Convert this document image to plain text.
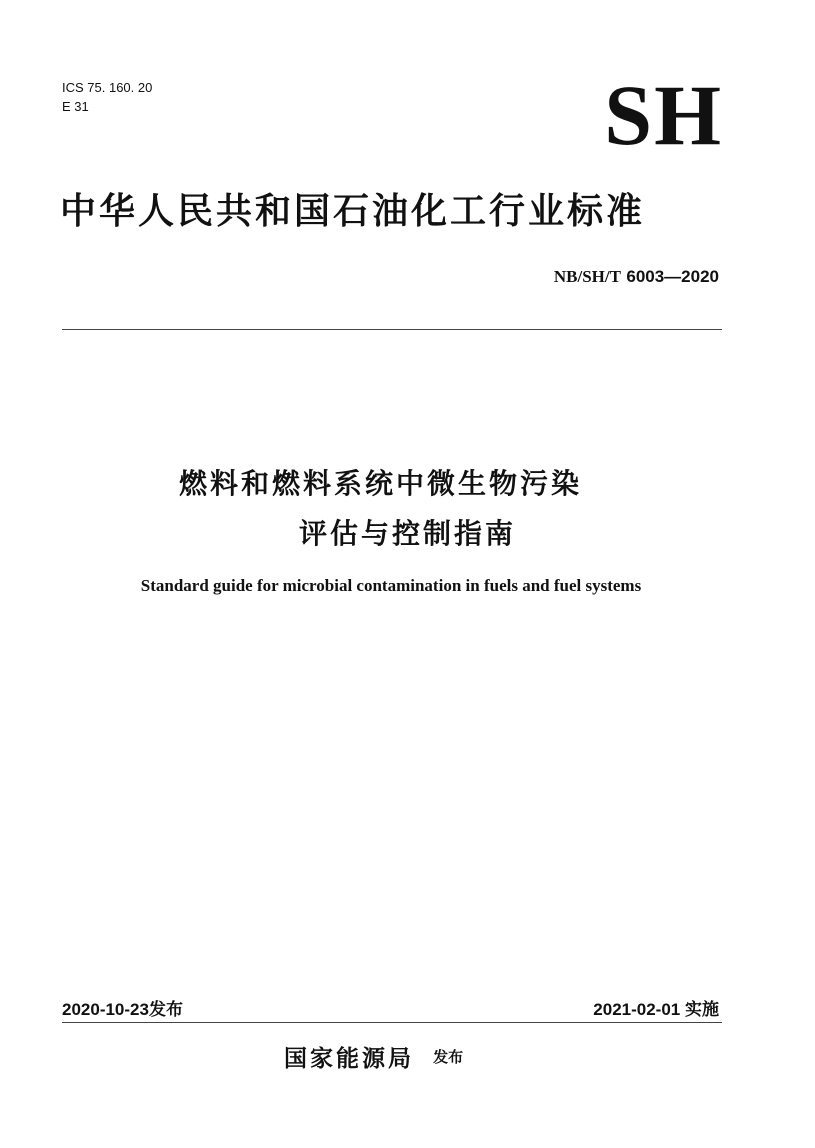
ICS 75. 160. 20
E 31	SH
中华人民共和国石油化工行业标准
NB/SH/T 6003—2020
燃料和燃料系统中微生物污染
评估与控制指南
Standard guide for microbial contamination in fuels and fuel systems
2020-10-23发布	2021-02-01 实施
国家能源局 发布
